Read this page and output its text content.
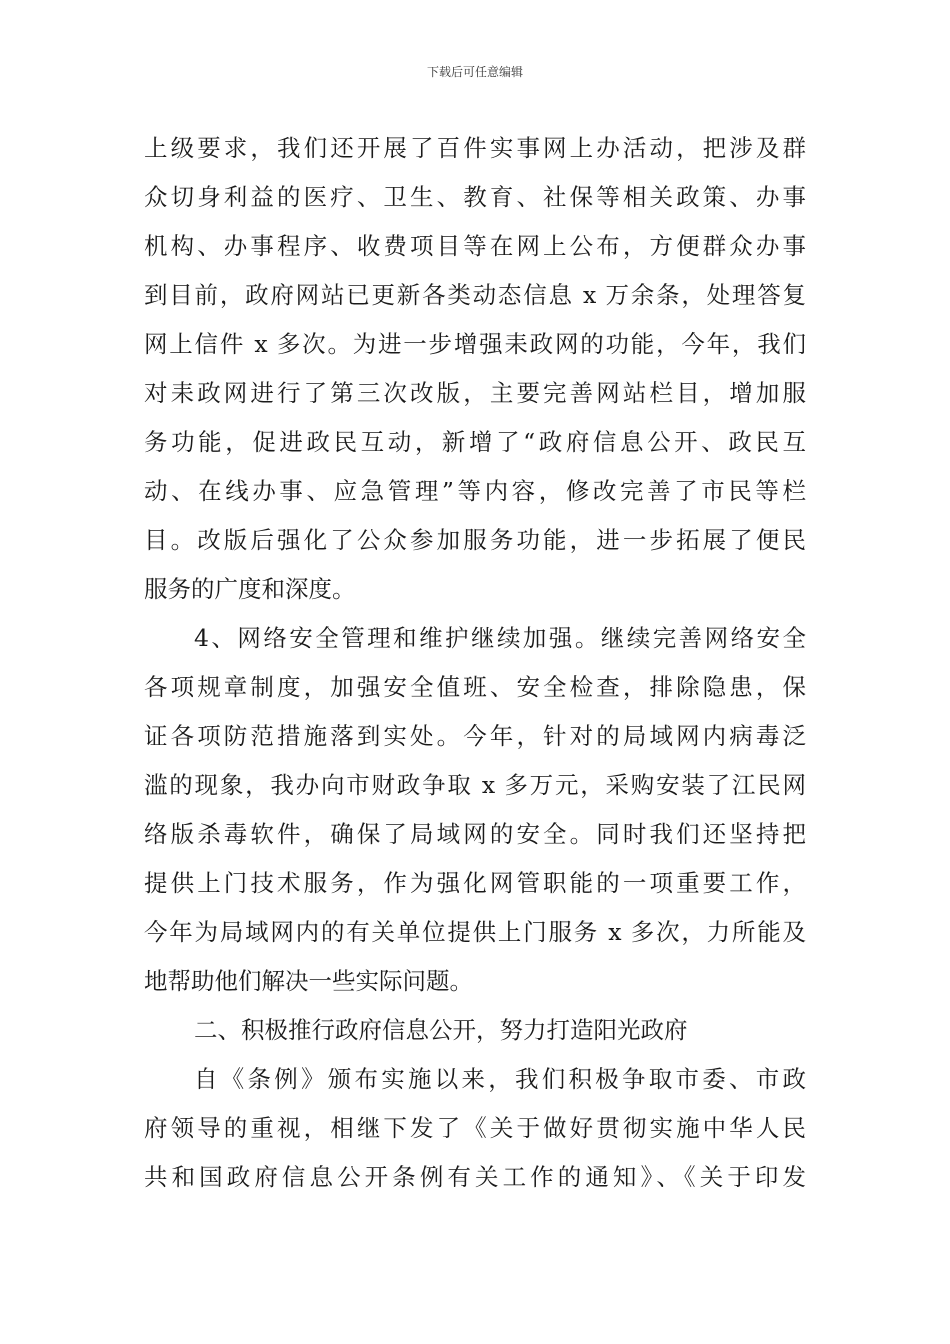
下载后可任意编辑
上级要求，我们还开展了百件实事网上办活动，把涉及群
众切身利益的医疗、卫生、教育、社保等相关政策、办事
机构、办事程序、收费项目等在网上公布，方便群众办事
到目前，政府网站已更新各类动态信息 x 万余条，处理答复
网上信件 x 多次。为进一步增强耒政网的功能，今年，我们
对耒政网进行了第三次改版，主要完善网站栏目，增加服
务功能，促进政民互动，新增了“政府信息公开、政民互
动、在线办事、应急管理”等内容，修改完善了市民等栏
目。改版后强化了公众参加服务功能，进一步拓展了便民
服务的广度和深度。
4、网络安全管理和维护继续加强。继续完善网络安全
各项规章制度，加强安全值班、安全检查，排除隐患，保
证各项防范措施落到实处。今年，针对的局域网内病毒泛
滥的现象，我办向市财政争取 x 多万元，采购安装了江民网
络版杀毒软件，确保了局域网的安全。同时我们还坚持把
提供上门技术服务，作为强化网管职能的一项重要工作，
今年为局域网内的有关单位提供上门服务 x 多次，力所能及
地帮助他们解决一些实际问题。
二、积极推行政府信息公开，努力打造阳光政府
自《条例》颁布实施以来，我们积极争取市委、市政
府领导的重视，相继下发了《关于做好贯彻实施中华人民
共和国政府信息公开条例有关工作的通知》、《关于印发
